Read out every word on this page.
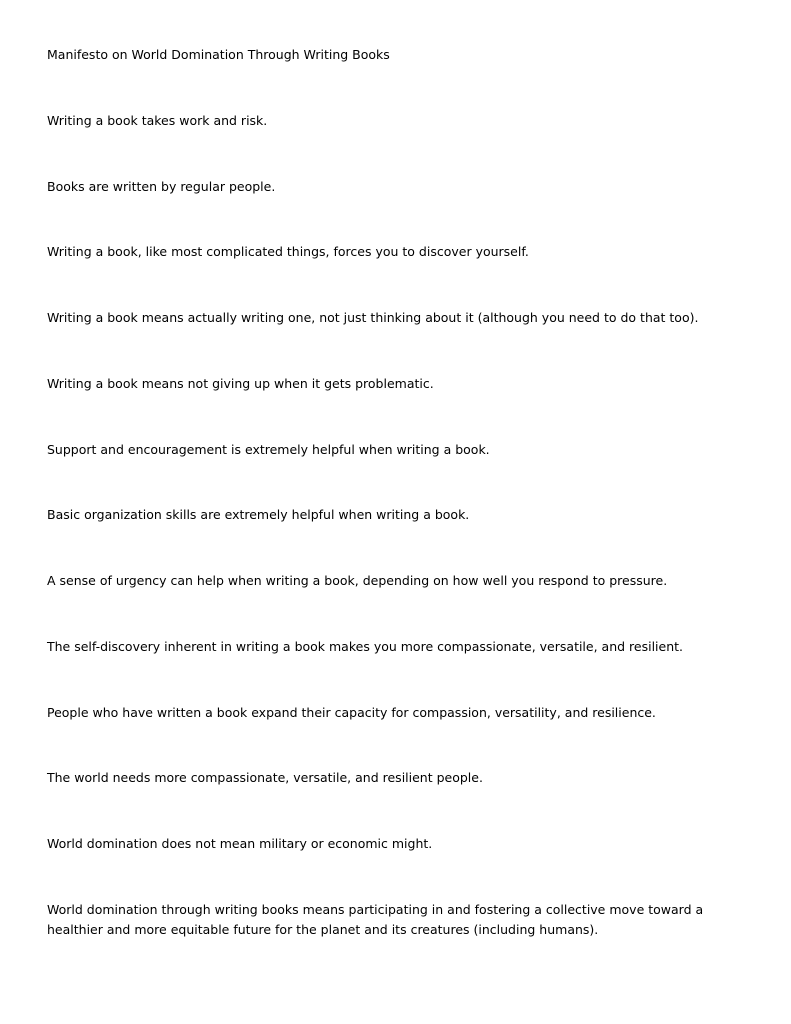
Manifesto on World Domination Through Writing Books

Writing a book takes work and risk.

Books are written by regular people.

Writing a book, like most complicated things, forces you to discover yourself.

Writing a book means actually writing one, not just thinking about it (although you need to do that too).

Writing a book means not giving up when it gets problematic.

Support and encouragement is extremely helpful when writing a book.

Basic organization skills are extremely helpful when writing a book.

A sense of urgency can help when writing a book, depending on how well you respond to pressure.

The self-discovery inherent in writing a book makes you more compassionate, versatile, and resilient.

People who have written a book expand their capacity for compassion, versatility, and resilience.

The world needs more compassionate, versatile, and resilient people.

World domination does not mean military or economic might.

World domination through writing books means participating in and fostering a collective move toward a healthier and more equitable future for the planet and its creatures (including humans).
